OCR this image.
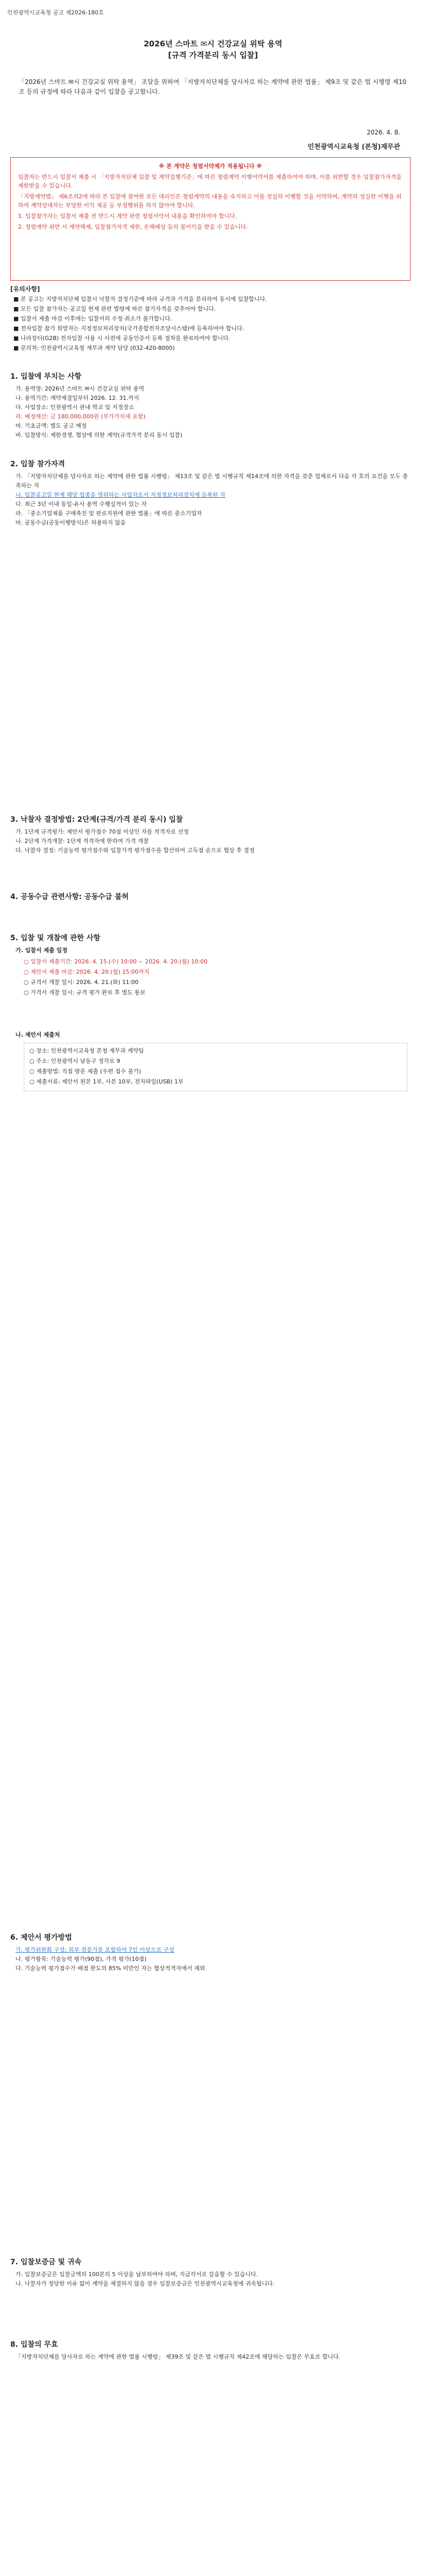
인천광역시교육청 공고 제2026-180호
2026년 스마트 ✉시 건강교실 위탁 용역
[규격 가격분리 동시 입찰]
「2026년 스마트 ✉시 건강교실 위탁 용역」 조달을 위하여 「지방자치단체를 당사자로 하는 계약에 관한 법률」 제9조 및 같은 법 시행령 제10조 등의 규정에 따라 다음과 같이 입찰을 공고합니다.
2026. 4. 8.
인천광역시교육청 (본청)재무관
※ 본 계약은 청렴서약제가 적용됩니다 ※

입찰자는 반드시 입찰서 제출 시 「지방자치단체 입찰 및 계약집행기준」에 따른 청렴계약 이행서약서를 제출하여야 하며, 이를 위반할 경우 입찰참가자격을 제한받을 수 있습니다.

「지방계약법」 제6조의2에 따라 본 입찰에 참여한 모든 대리인은 청렴계약의 내용을 숙지하고 이를 성실히 이행할 것을 서약하며, 계약의 성실한 이행을 위하여 계약상대자는 부당한 이익 제공 등 부정행위를 하지 않아야 합니다.

1. 입찰참가자는 입찰서 제출 전 반드시 계약 관련 청렴서약서 내용을 확인하여야 합니다.

2. 청렴계약 위반 시 계약해제, 입찰참가자격 제한, 손해배상 등의 불이익을 받을 수 있습니다.

[유의사항]
■ 본 공고는 지방자치단체 입찰시 낙찰자 결정기준에 따라 규격과 가격을 분리하여 동시에 입찰합니다.
■ 모든 입찰 참가자는 공고일 현재 관련 법령에 따른 참가자격을 갖추어야 합니다.
■ 입찰서 제출 마감 이후에는 입찰서의 수정·취소가 불가합니다.
■ 전자입찰 참가 희망자는 지정정보처리장치(국가종합전자조달시스템)에 등록하여야 합니다.
■ 나라장터(G2B) 전자입찰 사용 시 사전에 공동인증서 등록 절차를 완료하여야 합니다.
■ 문의처: 인천광역시교육청 재무과 계약 담당 (032-420-8000)
1. 입찰에 부치는 사항
가. 용역명: 2026년 스마트 ✉시 건강교실 위탁 용역
나. 용역기간: 계약체결일부터 2026. 12. 31.까지
다. 사업장소: 인천광역시 관내 학교 및 지정장소
라. 배정예산: 금 180,000,000원 (부가가치세 포함)
마. 기초금액: 별도 공고 예정
바. 입찰방식: 제한경쟁, 협상에 의한 계약(규격가격 분리 동시 입찰)
2. 입찰 참가자격
가. 「지방자치단체를 당사자로 하는 계약에 관한 법률 시행령」 제13조 및 같은 법 시행규칙 제14조에 의한 자격을 갖춘 업체로서 다음 각 호의 요건을 모두 충족하는 자
나. 입찰공고일 현재 해당 업종을 영위하는 사업자로서 지정정보처리장치에 등록된 자
다. 최근 3년 이내 동일·유사 용역 수행실적이 있는 자
라. 「중소기업제품 구매촉진 및 판로지원에 관한 법률」에 따른 중소기업자
마. 공동수급(공동이행방식)은 허용하지 않음
3. 낙찰자 결정방법: 2단계(규격/가격 분리 동시) 입찰
가. 1단계 규격평가: 제안서 평가점수 70점 이상인 자를 적격자로 선정
나. 2단계 가격개찰: 1단계 적격자에 한하여 가격 개찰
다. 낙찰자 결정: 기술능력 평가점수와 입찰가격 평가점수를 합산하여 고득점 순으로 협상 후 결정
4. 공동수급 관련사항: 공동수급 불허
5. 입찰 및 개찰에 관한 사항
가. 입찰서 제출 일정
○ 입찰서 제출기간: 2026. 4. 15.(수) 10:00 ~ 2026. 4. 20.(월) 10:00
○ 제안서 제출 마감: 2026. 4. 20.(월) 15:00까지
○ 규격서 개찰 일시: 2026. 4. 21.(화) 11:00
○ 가격서 개찰 일시: 규격 평가 완료 후 별도 통보
나. 제안서 제출처
○ 장소: 인천광역시교육청 본청 재무과 계약팀
○ 주소: 인천광역시 남동구 정각로 9
○ 제출방법: 직접 방문 제출 (우편 접수 불가)
○ 제출서류: 제안서 원본 1부, 사본 10부, 전자파일(USB) 1부
6. 제안서 평가방법
가. 평가위원회 구성: 외부 전문가를 포함하여 7인 이상으로 구성
나. 평가항목: 기술능력 평가(90점), 가격 평가(10점)
다. 기술능력 평가점수가 배점 한도의 85% 미만인 자는 협상적격자에서 제외
7. 입찰보증금 및 귀속
가. 입찰보증금은 입찰금액의 100분의 5 이상을 납부하여야 하며, 지급각서로 갈음할 수 있습니다.
나. 낙찰자가 정당한 이유 없이 계약을 체결하지 않을 경우 입찰보증금은 인천광역시교육청에 귀속됩니다.
8. 입찰의 무효
「지방자치단체를 당사자로 하는 계약에 관한 법률 시행령」 제39조 및 같은 법 시행규칙 제42조에 해당하는 입찰은 무효로 합니다.
